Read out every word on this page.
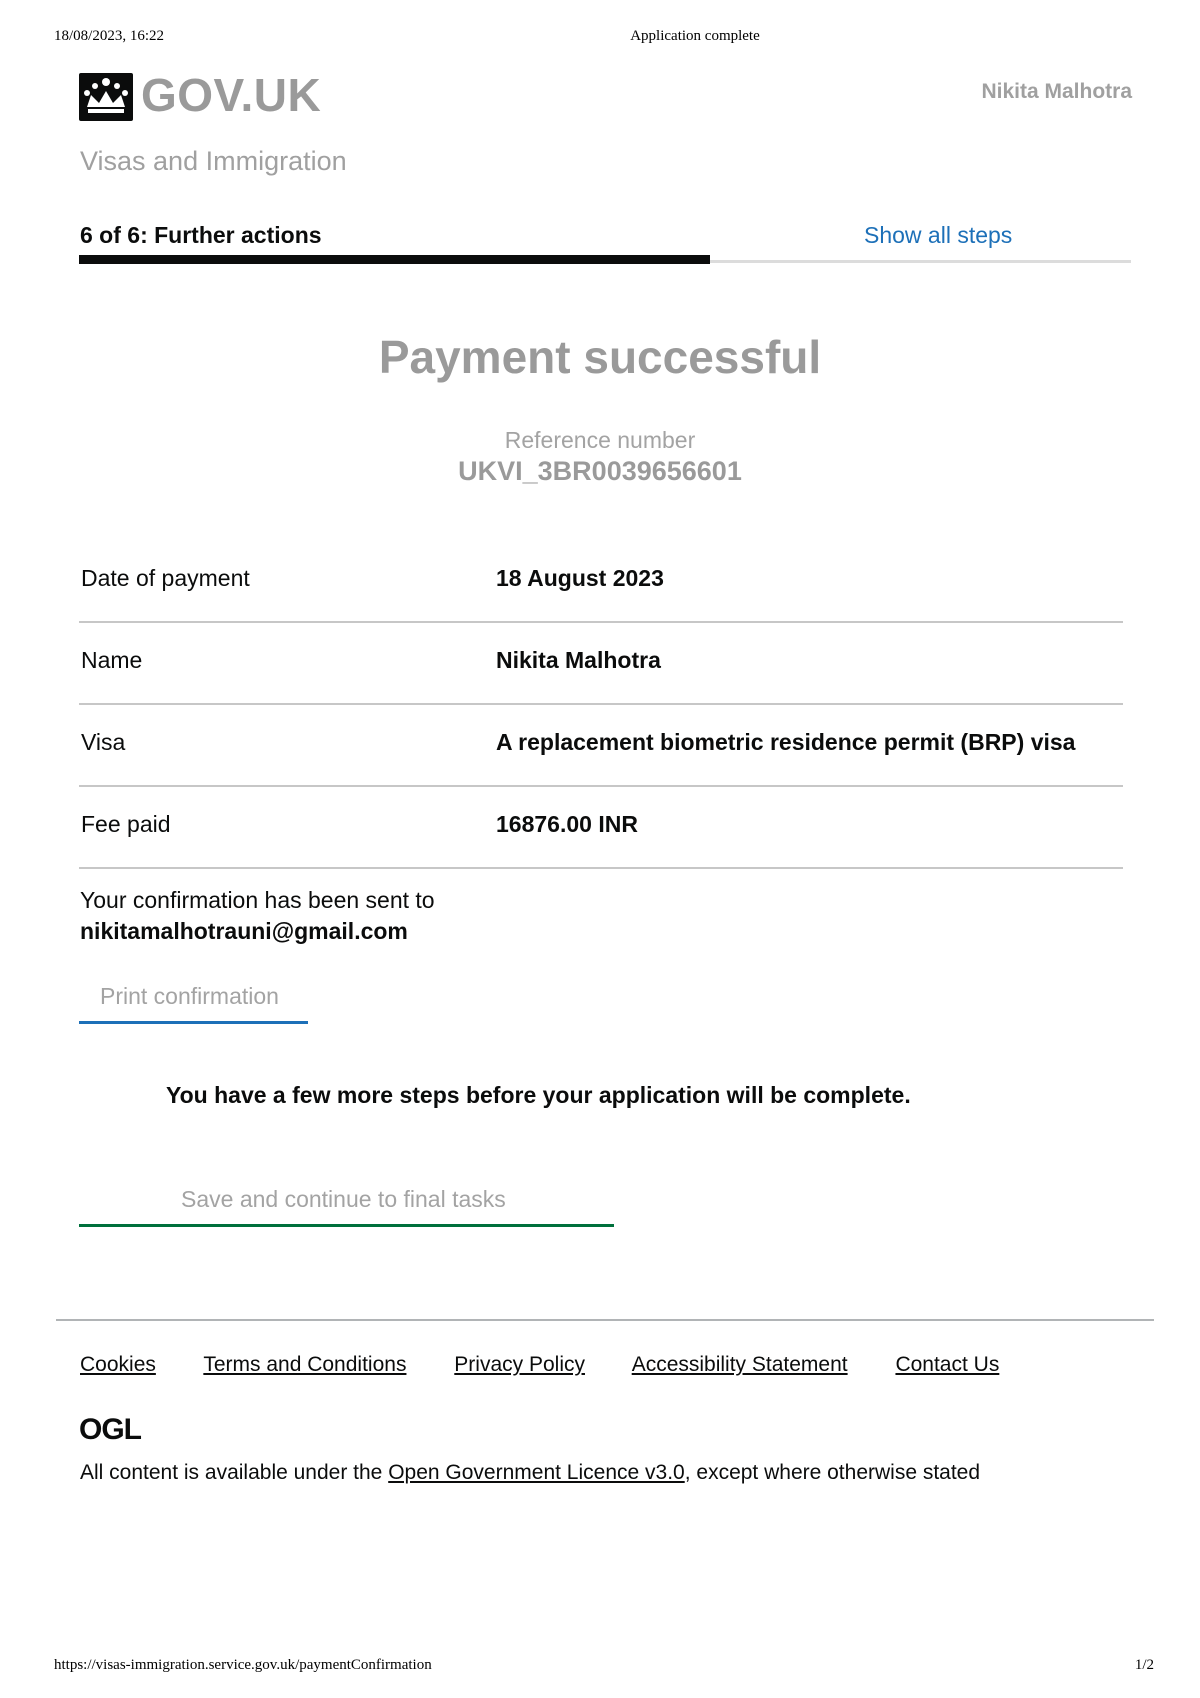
18/08/2023, 16:22	Application complete
GOV.UK	Nikita Malhotra
Visas and Immigration
6 of 6: Further actions	Show all steps
Payment successful
Reference number
UKVI_3BR0039656601
Date of payment	18 August 2023
Name	Nikita Malhotra
Visa	A replacement biometric residence permit (BRP) visa
Fee paid	16876.00 INR
Your confirmation has been sent to
nikitamalhotrauni@gmail.com
Print confirmation
You have a few more steps before your application will be complete.
Save and continue to final tasks
Cookies Terms and Conditions Privacy Policy Accessibility Statement Contact Us
OGL
All content is available under the Open Government Licence v3.0, except where otherwise stated
https://visas-immigration.service.gov.uk/paymentConfirmation	1/2
